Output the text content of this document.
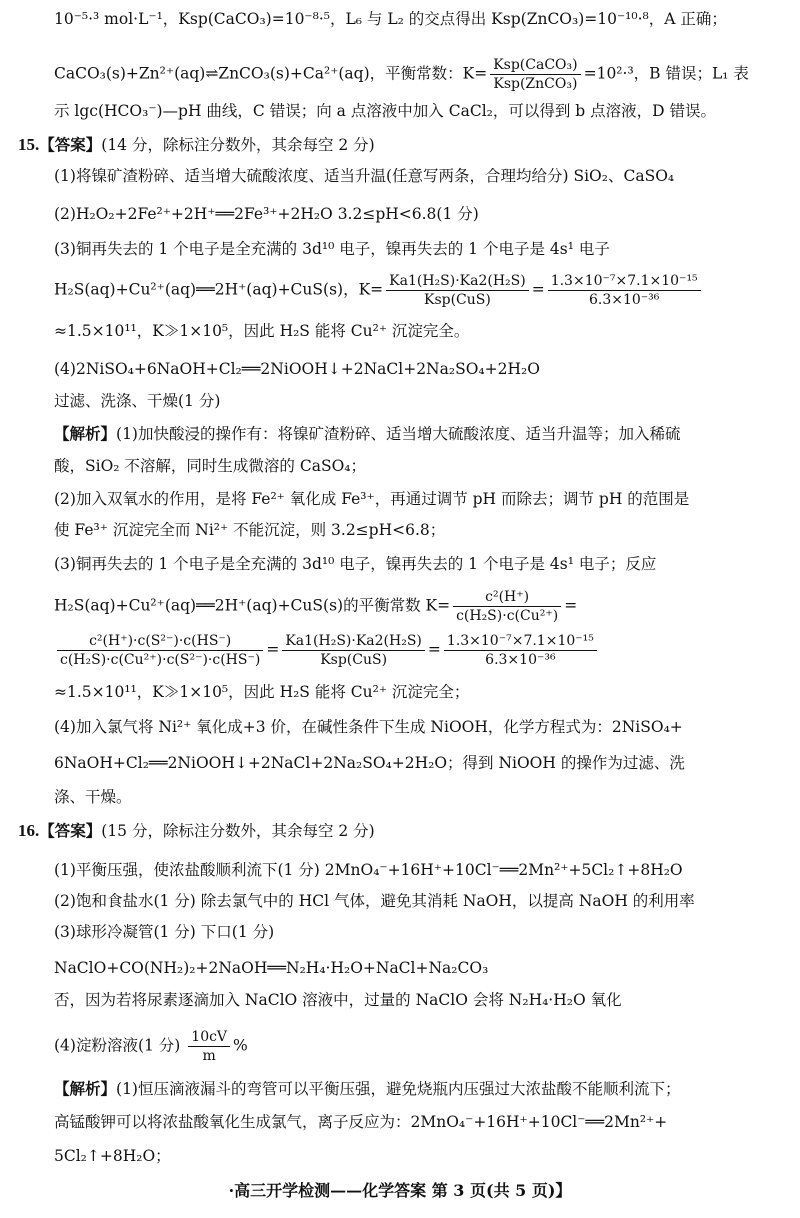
10⁻⁵·³ mol·L⁻¹，Ksp(CaCO₃)=10⁻⁸·⁵，L₆ 与 L₂ 的交点得出 Ksp(ZnCO₃)=10⁻¹⁰·⁸，A 正确；
CaCO₃(s)+Zn²⁺(aq)⇌ZnCO₃(s)+Ca²⁺(aq)，平衡常数：$K= \frac{\text{Ksp(CaCO₃)}}{\text{Ksp(ZnCO₃)}} =10^2\cdot^3$，B 错误；L₁ 表
示 lgc(HCO₃⁻)—pH 曲线，C 错误；向 a 点溶液中加入 CaCl₂，可以得到 b 点溶液，D 错误。
15.【答案】(14 分，除标注分数外，其余每空 2 分)
(1)将镍矿渣粉碎、适当增大硫酸浓度、适当升温(任意写两条，合理均给分) SiO₂、CaSO₄
(2)H₂O₂+2Fe²⁺+2H⁺══2Fe³⁺+2H₂O 3.2≤pH<6.8(1 分)
(3)铜再失去的 1 个电子是全充满的 3d¹⁰ 电子，镍再失去的 1 个电子是 4s¹ 电子
H₂S(aq)+Cu²⁺(aq)══2H⁺(aq)+CuS(s)，$K= \frac{\text{Ka1(H₂S)·Ka2(H₂S)}}{\text{Ksp(CuS)}} = \frac{\text{1.3×10⁻⁷×7.1×10⁻¹⁵}}{\text{6.3×10⁻³⁶}}$
≈1.5×10¹¹，K≫1×10⁵，因此 H₂S 能将 Cu²⁺ 沉淀完全。
(4)2NiSO₄+6NaOH+Cl₂══2NiOOH↓+2NaCl+2Na₂SO₄+2H₂O
过滤、洗涤、干燥(1 分)
【解析】(1)加快酸浸的操作有：将镍矿渣粉碎、适当增大硫酸浓度、适当升温等；加入稀硫
酸，SiO₂ 不溶解，同时生成微溶的 CaSO₄；
(2)加入双氧水的作用，是将 Fe²⁺ 氧化成 Fe³⁺，再通过调节 pH 而除去；调节 pH 的范围是
使 Fe³⁺ 沉淀完全而 Ni²⁺ 不能沉淀，则 3.2≤pH<6.8；
(3)铜再失去的 1 个电子是全充满的 3d¹⁰ 电子，镍再失去的 1 个电子是 4s¹ 电子；反应
H₂S(aq)+Cu²⁺(aq)══2H⁺(aq)+CuS(s)的平衡常数 $K= \frac{\text{c²(H⁺)}}{\text{c(H₂S)·c(Cu²⁺)}}$ =
$\frac{\text{c²(H⁺)·c(S²⁻)·c(HS⁻)}}{\text{c(H₂S)·c(Cu²⁺)·c(S²⁻)·c(HS⁻)}} = \frac{\text{Ka1(H₂S)·Ka2(H₂S)}}{\text{Ksp(CuS)}} = \frac{\text{1.3×10⁻⁷×7.1×10⁻¹⁵}}{\text{6.3×10⁻³⁶}}$
≈1.5×10¹¹，K≫1×10⁵，因此 H₂S 能将 Cu²⁺ 沉淀完全；
(4)加入氯气将 Ni²⁺ 氧化成+3 价，在碱性条件下生成 NiOOH，化学方程式为：2NiSO₄+
6NaOH+Cl₂══2NiOOH↓+2NaCl+2Na₂SO₄+2H₂O；得到 NiOOH 的操作为过滤、洗
涤、干燥。
16.【答案】(15 分，除标注分数外，其余每空 2 分)
(1)平衡压强，使浓盐酸顺利流下(1 分) 2MnO₄⁻+16H⁺+10Cl⁻══2Mn²⁺+5Cl₂↑+8H₂O
(2)饱和食盐水(1 分) 除去氯气中的 HCl 气体，避免其消耗 NaOH，以提高 NaOH 的利用率
(3)球形冷凝管(1 分) 下口(1 分)
NaClO+CO(NH₂)₂+2NaOH══N₂H₄·H₂O+NaCl+Na₂CO₃
否，因为若将尿素逐滴加入 NaClO 溶液中，过量的 NaClO 会将 N₂H₄·H₂O 氧化
(4)淀粉溶液(1 分) $\frac{10cV}{m}$ %
【解析】(1)恒压滴液漏斗的弯管可以平衡压强，避免烧瓶内压强过大浓盐酸不能顺利流下；
高锰酸钾可以将浓盐酸氧化生成氯气，离子反应为：2MnO₄⁻+16H⁺+10Cl⁻══2Mn²⁺+
5Cl₂↑+8H₂O；
·高三开学检测——化学答案 第 3 页(共 5 页)】
